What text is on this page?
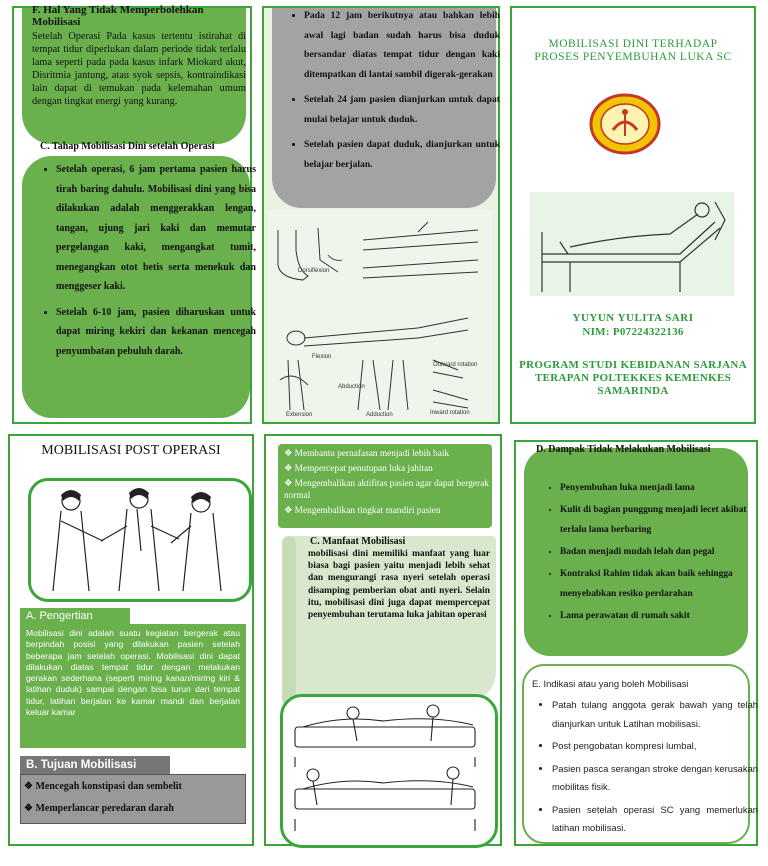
F. Hal Yang Tidak Memperbolehkan Mobilisasi
Setelah Operasi Pada kasus tertentu istirahat di tempat tidur diperlukan dalam periode tidak terlalu lama seperti pada pada kasus infark Miokard akut, Disritmia jantung, atau syok sepsis, kontraindikasi lain dapat di temukan pada kelemahan umum dengan tingkat energi yang kurang.
C. Tahap Mobilisasi Dini setelah Operasi
• Setelah operasi, 6 jam pertama pasien harus tirah baring dahulu. Mobilisasi dini yang bisa dilakukan adalah menggerakkan lengan, tangan, ujung jari kaki dan memutar pergelangan kaki, mengangkat tumit, menegangkan otot betis serta menekuk dan menggeser kaki.
• Setelah 6-10 jam, pasien diharuskan untuk dapat miring kekiri dan kekanan mencegah penyumbatan pebuluh darah.
• Pada 12 jam berikutnya atau bahkan lebih awal lagi badan sudah harus bisa duduk bersandar diatas tempat tidur dengan kaki ditempatkan di lantai sambil digerak-gerakan
• Setelah 24 jam pasien dianjurkan untuk dapat mulai belajar untuk duduk.
• Setelah pasien dapat duduk, dianjurkan untuk belajar berjalan.
Dorsiflexion
Flexion
Abduction
Extension	Adduction
Outward rotation
Inward rotation
MOBILISASI DINI TERHADAP PROSES PENYEMBUHAN LUKA SC
YUYUN YULITA SARI
NIM: P07224322136
PROGRAM STUDI KEBIDANAN SARJANA TERAPAN POLTEKKES KEMENKES SAMARINDA
MOBILISASI POST OPERASI
A. Pengertian
Mobilisasi dini adalah suatu kegiatan bergerak atau berpindah posisi yang dilakukan pasien setelah beberapa jam setelah operasi. Mobilisasi dini dapat dilakukan diatas tempat tidur dengan melakukan gerakan sederhana (seperti miring kanan/miring kiri & latihan duduk) sampai dengan bisa turun dari tempat tidur, latihan berjalan ke kamar mandi dan berjalan keluar kamar
B. Tujuan Mobilisasi
❖ Mencegah konstipasi dan sembelit
❖ Memperlancar peredaran darah
❖ Membantu pernafasan menjadi lebih baik
❖ Mempercepat penutupan luka jahitan
❖ Mengembalikan aktifitas pasien agar dapat bergerak normal
❖ Mengembalikan tingkat mandiri pasien
C. Manfaat Mobilisasi
mobilisasi dini memiliki manfaat yang luar biasa bagi pasien yaitu menjadi lebih sehat dan mengurangi rasa nyeri setelah operasi disamping pemberian obat anti nyeri. Selain itu, mobilisasi dini juga dapat mempercepat penyembuhan terutama luka jahitan operasi
D. Dampak Tidak Melakukan Mobilisasi
• Penyembuhan luka menjadi lama
• Kulit di bagian punggung menjadi lecet akibat terlalu lama berbaring
• Badan menjadi mudah lelah dan pegal
• Kontraksi Rahim tidak akan baik sehingga menyebabkan resiko perdarahan
• Lama perawatan di rumah sakit
E. Indikasi atau yang boleh Mobilisasi
• Patah tulang anggota gerak bawah yang telah dianjurkan untuk Latihan mobilisasi.
• Post pengobatan kompresi lumbal,
• Pasien pasca serangan stroke dengan kerusakan mobilitas fisik.
• Pasien setelah operasi SC yang memerlukan latihan mobilisasi.
